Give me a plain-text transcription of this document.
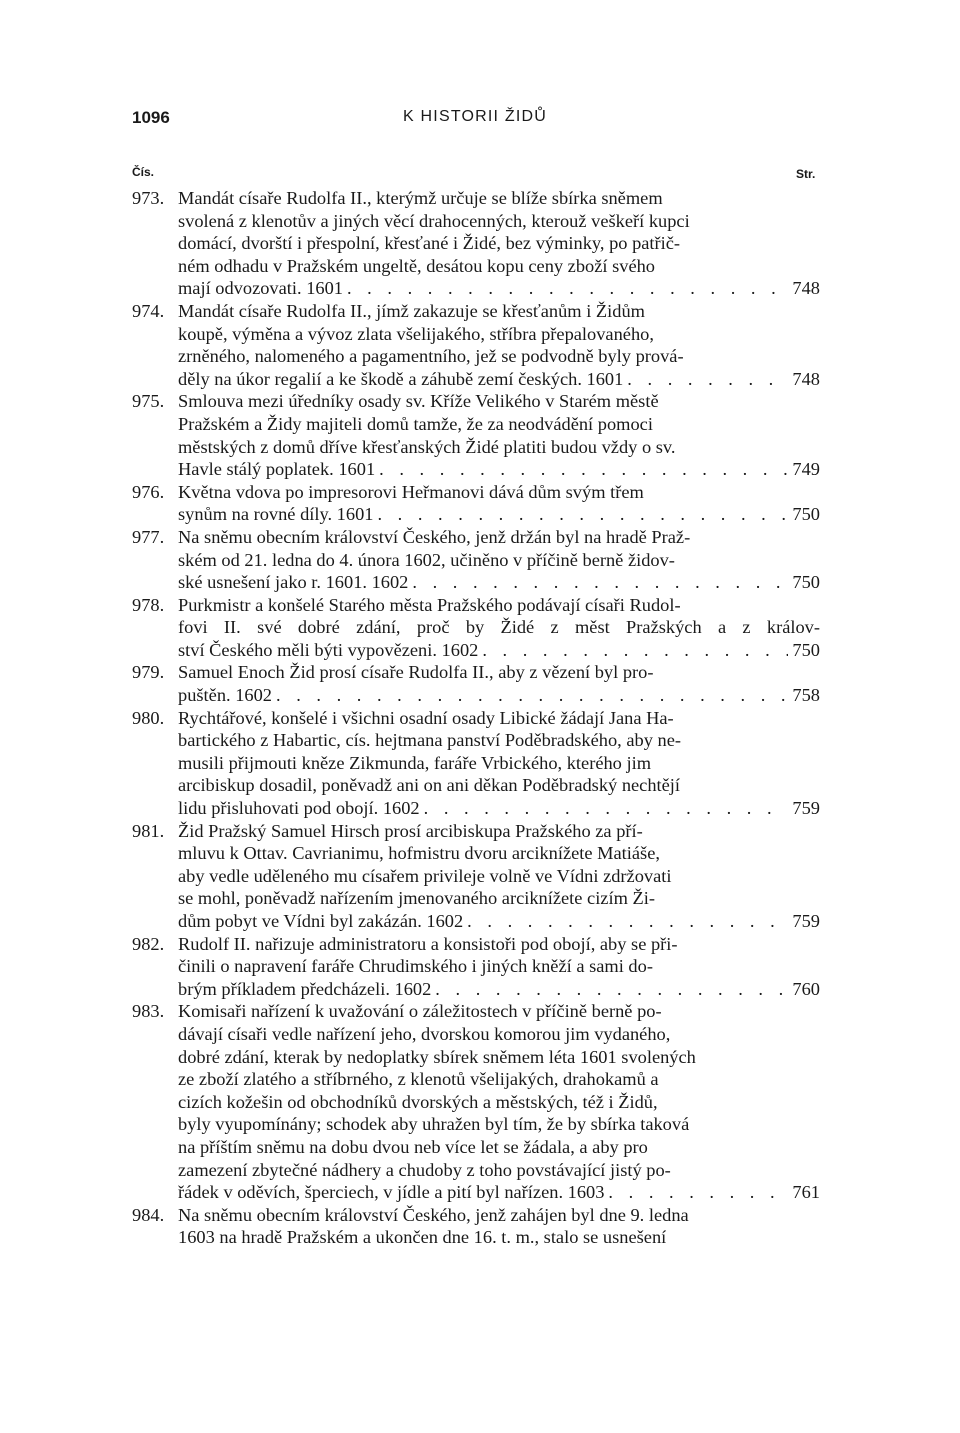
1096	K HISTORII ŽIDŮ
Čís.	Str.
973. Mandát císaře Rudolfa II., kterýmž určuje se blíže sbírka sněmem
svolená z klenotův a jiných věcí drahocenných, kterouž veškeří kupci
domácí, dvorští i přespolní, křesťané i Židé, bez výminky, po patřič-
ném odhadu v Pražském ungeltě, desátou kopu ceny zboží svého
mají odvozovati. 1601 . . .	748
974. Mandát císaře Rudolfa II., jímž zakazuje se křesťanům i Židům
koupě, výměna a vývoz zlata všelijakého, stříbra přepalovaného,
zrněného, nalomeného a pagamentního, jež se podvodně byly prová-
děly na úkor regalií a ke škodě a záhubě zemí českých. 1601 . . .	748
975. Smlouva mezi úředníky osady sv. Kříže Velikého v Starém městě
Pražském a Židy majiteli domů tamže, že za neodvádění pomoci
městských z domů dříve křesťanských Židé platiti budou vždy o sv.
Havle stálý poplatek. 1601 . . .	749
976. Května vdova po impresorovi Heřmanovi dává dům svým třem
synům na rovné díly. 1601 . . .	750
977. Na sněmu obecním království Českého, jenž držán byl na hradě Praž-
ském od 21. ledna do 4. února 1602, učiněno v příčině berně židov-
ské usnešení jako r. 1601. 1602 . . .	750
978. Purkmistr a konšelé Starého města Pražského podávají císaři Rudol-
fovi II. své dobré zdání, proč by Židé z měst Pražských a z králov-
ství Českého měli býti vypovězeni. 1602 . . .	750
979. Samuel Enoch Žid prosí císaře Rudolfa II., aby z vězení byl pro-
puštěn. 1602 . . .	758
980. Rychtářové, konšelé i všichni osadní osady Libické žádají Jana Ha-
bartického z Habartic, cís. hejtmana panství Poděbradského, aby ne-
musili přijmouti kněze Zikmunda, faráře Vrbického, kterého jim
arcibiskup dosadil, poněvadž ani on ani děkan Poděbradský nechtějí
lidu přisluhovati pod obojí. 1602 . . .	759
981. Žid Pražský Samuel Hirsch prosí arcibiskupa Pražského za pří-
mluvu k Ottav. Cavrianimu, hofmistru dvoru arciknížete Matiáše,
aby vedle uděleného mu císařem privileje volně ve Vídni zdržovati
se mohl, poněvadž nařízením jmenovaného arciknížete cizím Ži-
dům pobyt ve Vídni byl zakázán. 1602 . . .	759
982. Rudolf II. nařizuje administratoru a konsistoři pod obojí, aby se při-
činili o napravení faráře Chrudimského i jiných kněží a sami do-
brým příkladem předcházeli. 1602 . . .	760
983. Komisaři nařízení k uvažování o záležitostech v příčině berně po-
dávají císaři vedle nařízení jeho, dvorskou komorou jim vydaného,
dobré zdání, kterak by nedoplatky sbírek sněmem léta 1601 svolených
ze zboží zlatého a stříbrného, z klenotů všelijakých, drahokamů a
cizích kožešin od obchodníků dvorských a městských, též i Židů,
byly vyupomínány; schodek aby uhražen byl tím, že by sbírka taková
na příštím sněmu na dobu dvou neb více let se žádala, a aby pro
zamezení zbytečné nádhery a chudoby z toho povstávající jistý po-
řádek v oděvích, šperciech, v jídle a pití byl nařízen. 1603 . . .	761
984. Na sněmu obecním království Českého, jenž zahájen byl dne 9. ledna
1603 na hradě Pražském a ukončen dne 16. t. m., stalo se usnešení
